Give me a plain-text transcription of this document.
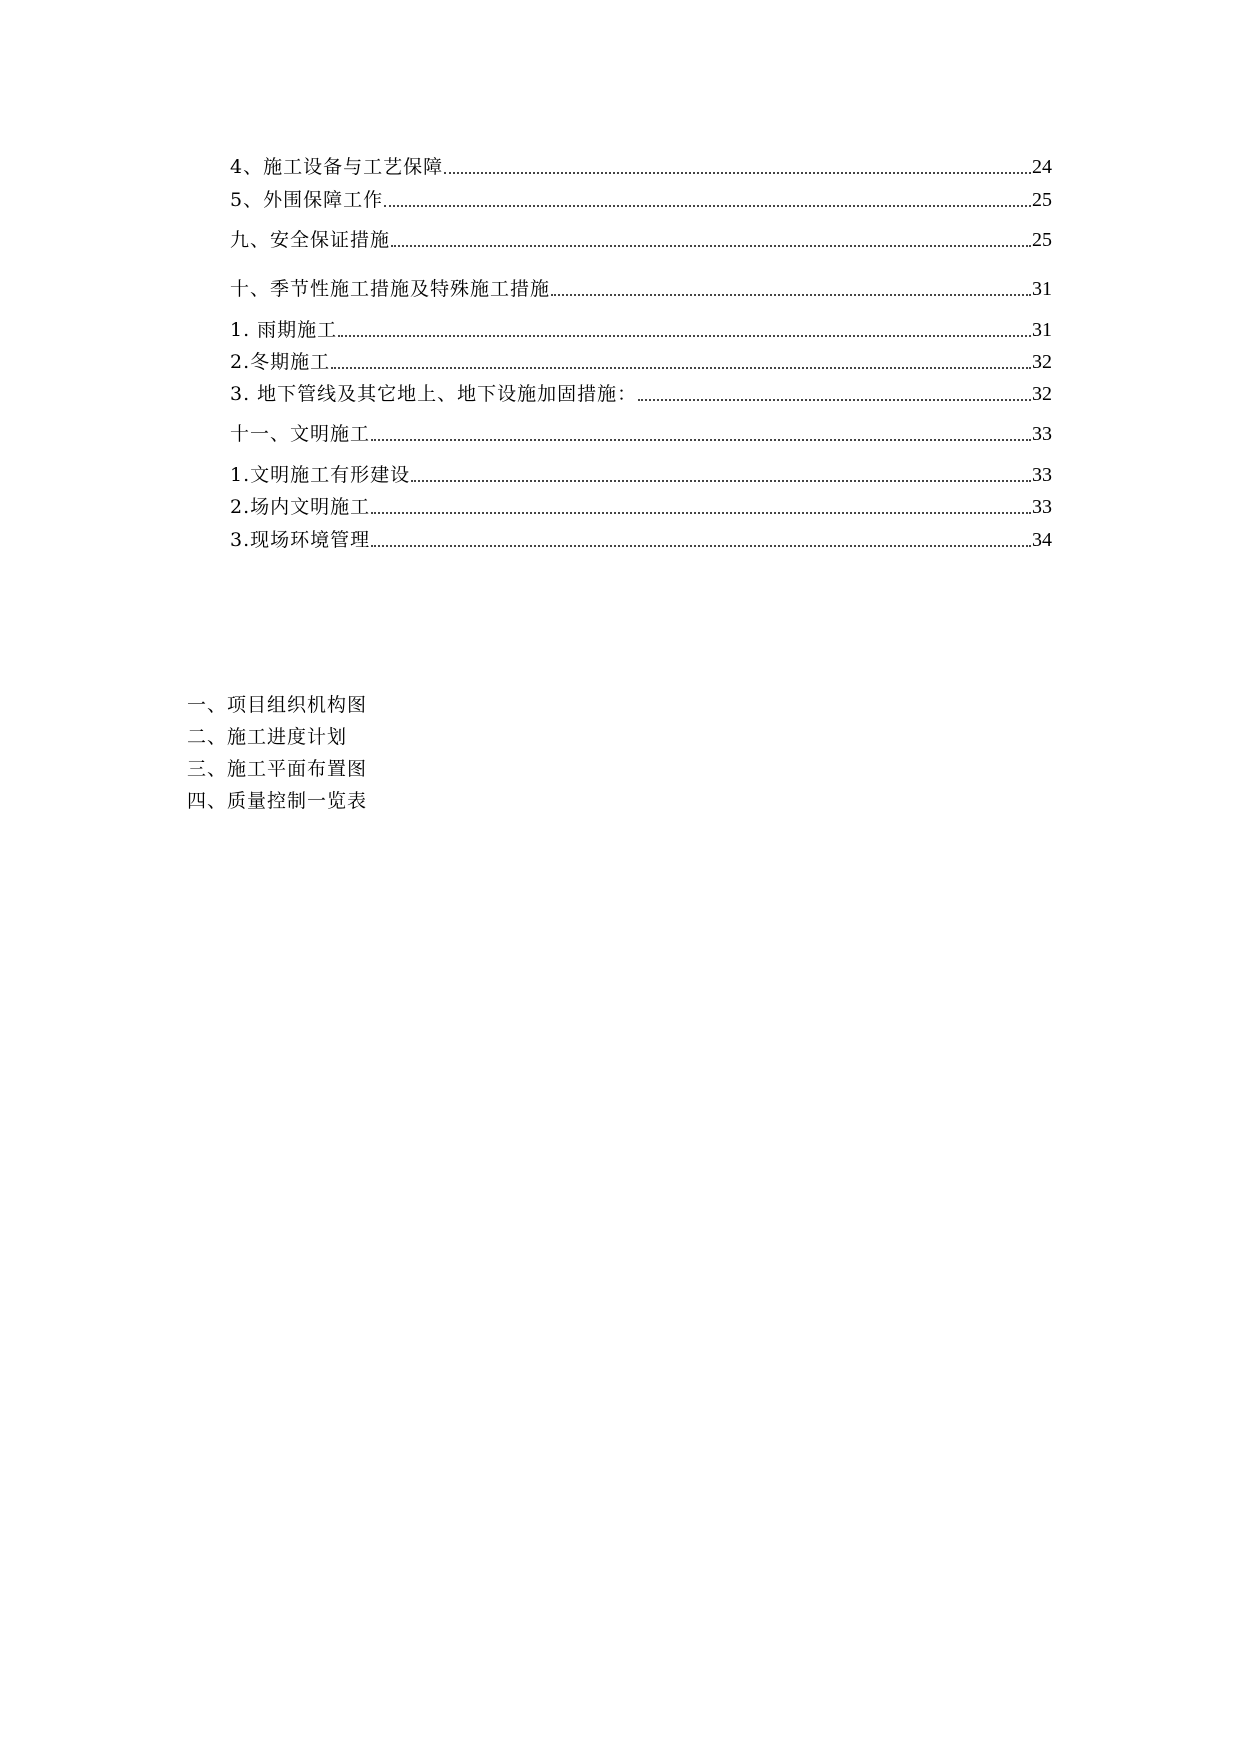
4、施工设备与工艺保障	24
5、外围保障工作	25
九、安全保证措施	25
十、季节性施工措施及特殊施工措施	31
1. 雨期施工	31
2.冬期施工	32
3. 地下管线及其它地上、地下设施加固措施：	32
十一、文明施工	33
1.文明施工有形建设	33
2.场内文明施工	33
3.现场环境管理	34
一、项目组织机构图
二、施工进度计划
三、施工平面布置图
四、质量控制一览表
